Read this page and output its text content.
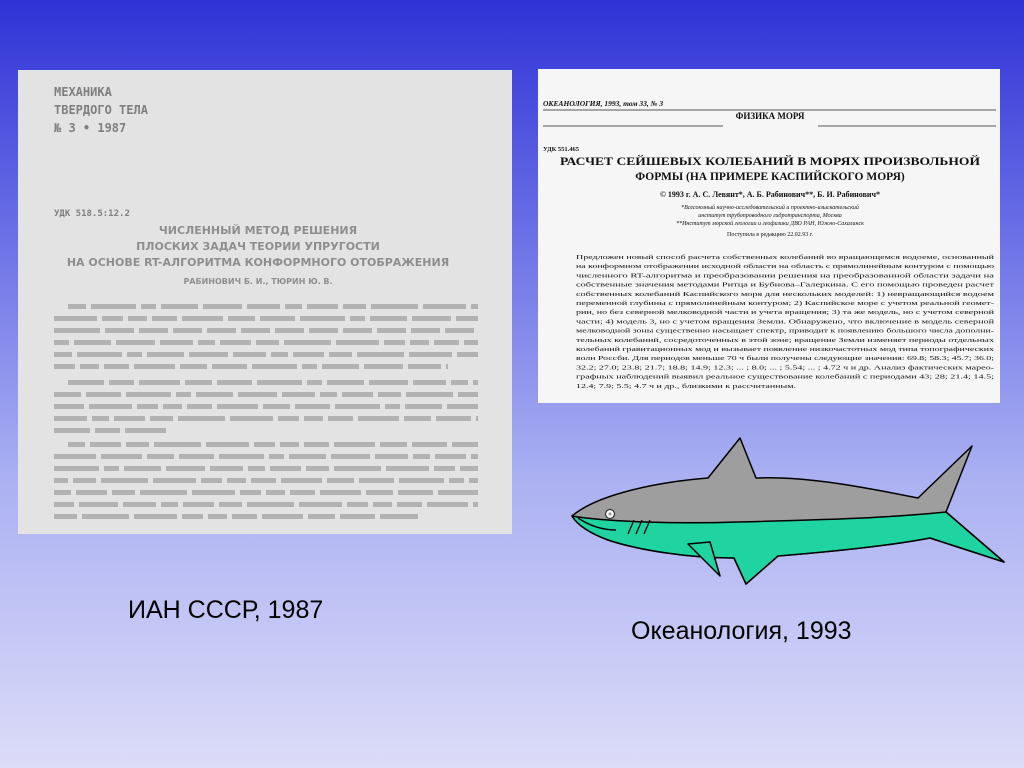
МЕХАНИКА
ТВЕРДОГО ТЕЛА
№ 3 • 1987
УДК 518.5:12.2
ЧИСЛЕННЫЙ МЕТОД РЕШЕНИЯ
ПЛОСКИХ ЗАДАЧ ТЕОРИИ УПРУГОСТИ
НА ОСНОВЕ RT-АЛГОРИТМА КОНФОРМНОГО ОТОБРАЖЕНИЯ
РАБИНОВИЧ Б. И., ТЮРИН Ю. В.
ОКЕАНОЛОГИЯ, 1993, том 33, № 3
ФИЗИКА МОРЯ
УДК 551.465
РАСЧЕТ СЕЙШЕВЫХ КОЛЕБАНИЙ В МОРЯХ ПРОИЗВОЛЬНОЙ
ФОРМЫ (НА ПРИМЕРЕ КАСПИЙСКОГО МОРЯ)
© 1993 г. А. С. Левянт*, А. Б. Рабинович**, Б. И. Рабинович*
*Всесоюзный научно-исследовательский и проектно-изыскательский
институт трубопроводного гидротранспорта, Москва
**Институт морской геологии и геофизики ДВО РАН, Южно-Сахалинск
Поступила в редакцию 22.02.93 г.
Предложен новый способ расчета собственных колебаний во вращающемся водоеме, основанный
на конформном отображении исходной области на область с прямолинейным контуром с помощью
численного RT-алгоритма и преобразовании решения на преобразованной области задачи на
собственные значения методами Ритца и Бубнова–Галеркина. С его помощью проведен расчет
собственных колебаний Каспийского моря для нескольких моделей: 1) невращающийся водоем
переменной глубины с прямолинейным контуром; 2) Каспийское море с учетом реальной геомет-
рии, но без северной мелководной части и учета вращения; 3) та же модель, но с учетом северной
части; 4) модель 3, но с учетом вращения Земли. Обнаружено, что включение в модель северной
мелководной зоны существенно насыщает спектр, приводит к появлению большого числа дополни-
тельных колебаний, сосредоточенных в этой зоне; вращение Земли изменяет периоды отдельных
колебаний гравитационных мод и вызывает появление низкочастотных мод типа топографических
волн Россби. Для периодов меньше 70 ч были получены следующие значения: 69.8; 58.3; 45.7; 36.0;
32.2; 27.0; 23.8; 21.7; 18.8; 14.9; 12.3; ... ; 8.0; ... ; 5.54; ... ; 4.72 ч и др. Анализ фактических мареo-
графных наблюдений выявил реальное существование колебаний с периодами 43; 28; 21.4; 14.5;
12.4; 7.9; 5.5; 4.7 ч и др., близкими к рассчитанным.
ИАН СССР, 1987
Океанология, 1993
